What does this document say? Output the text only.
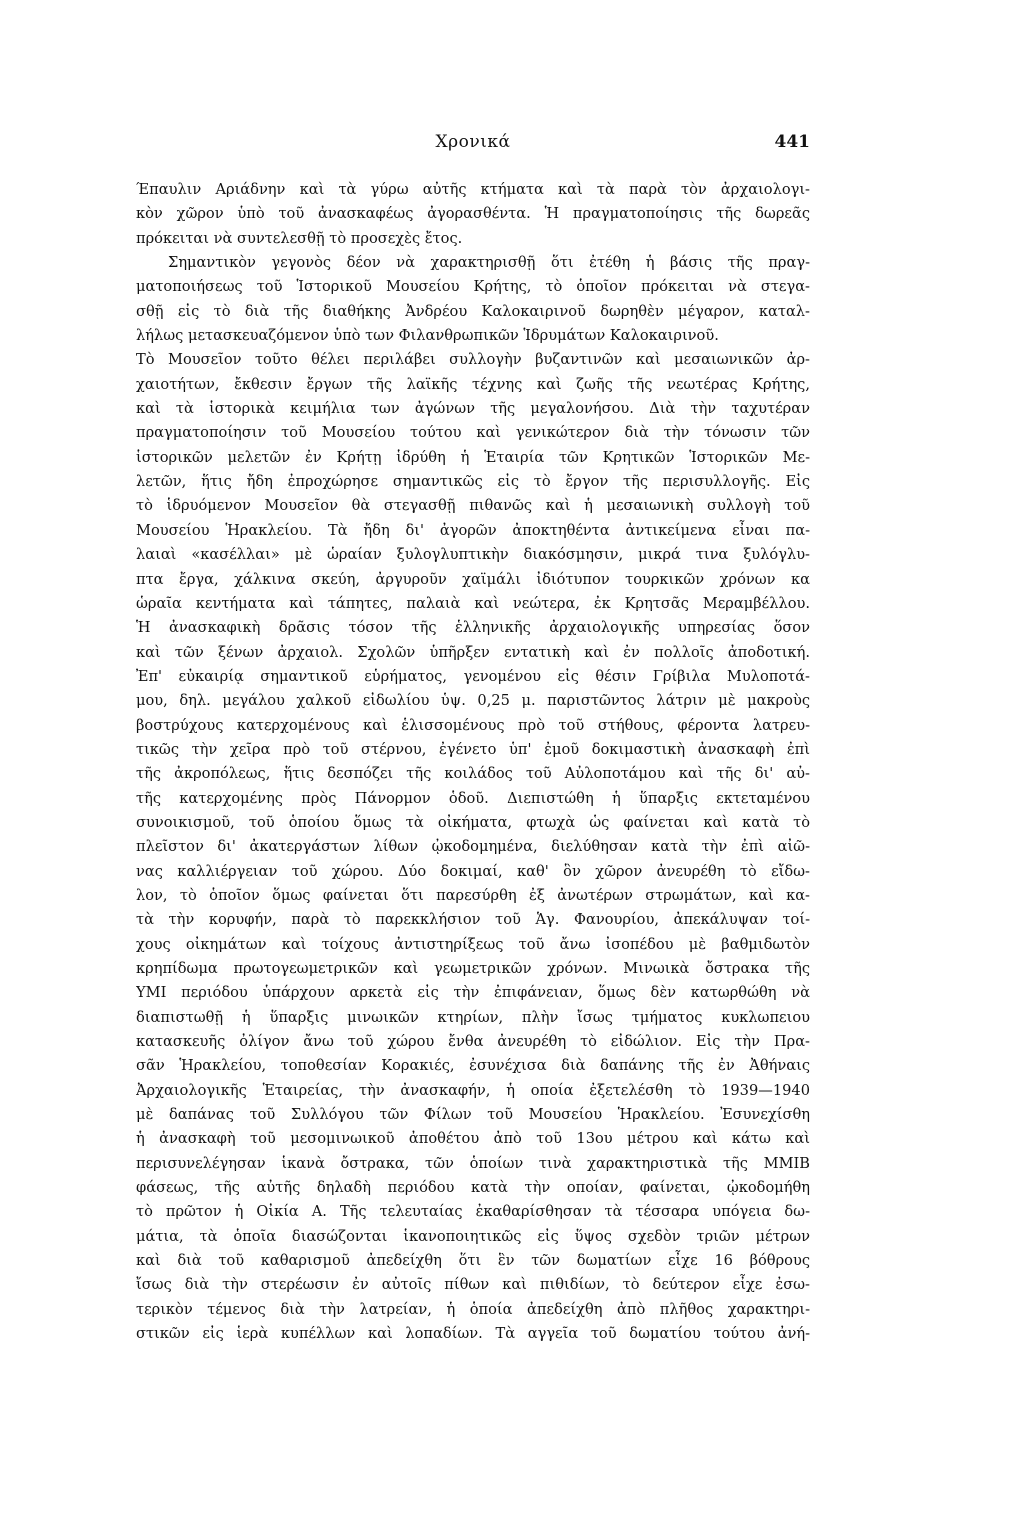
Χρονικά	441
Έπαυλιν Αριάδνην καὶ τὰ γύρω αὐτῆς κτήματα καὶ τὰ παρὰ τὸν ἀρχαιολογι-
κὸν χῶρον ὑπὸ τοῦ ἀνασκαφέως ἀγορασθέντα. Ἡ πραγματοποίησις τῆς δωρεᾶς
πρόκειται νὰ συντελεσθῇ τὸ προσεχὲς ἔτος.
Σημαντικὸν γεγονὸς δέον νὰ χαρακτηρισθῇ ὅτι ἐτέθη ἡ βάσις τῆς πραγ-
ματοποιήσεως τοῦ Ἱστορικοῦ Μουσείου Κρήτης, τὸ ὁποῖον πρόκειται νὰ στεγα-
σθῇ εἰς τὸ διὰ τῆς διαθήκης Ἀνδρέου Καλοκαιρινοῦ δωρηθὲν μέγαρον, καταλ-
λήλως μετασκευαζόμενον ὑπὸ των Φιλανθρωπικῶν Ἱδρυμάτων Καλοκαιρινοῦ.
Τὸ Μουσεῖον τοῦτο θέλει περιλάβει συλλογὴν βυζαντινῶν καὶ μεσαιωνικῶν ἀρ-
χαιοτήτων, ἔκθεσιν ἔργων τῆς λαϊκῆς τέχνης καὶ ζωῆς τῆς νεωτέρας Κρήτης,
καὶ τὰ ἱστορικὰ κειμήλια των ἀγώνων τῆς μεγαλονήσου. Διὰ τὴν ταχυτέραν
πραγματοποίησιν τοῦ Μουσείου τούτου καὶ γενικώτερον διὰ τὴν τόνωσιν τῶν
ἱστορικῶν μελετῶν ἐν Κρήτῃ ἱδρύθη ἡ Ἑταιρία τῶν Κρητικῶν Ἱστορικῶν Με-
λετῶν, ἥτις ἤδη ἐπροχώρησε σημαντικῶς εἰς τὸ ἔργον τῆς περισυλλογῆς. Εἰς
τὸ ἱδρυόμενον Μουσεῖον θὰ στεγασθῇ πιθανῶς καὶ ἡ μεσαιωνικὴ συλλογὴ τοῦ
Μουσείου Ἡρακλείου. Τὰ ἤδη δι' ἀγορῶν ἀποκτηθέντα ἀντικείμενα εἶναι πα-
λαιαὶ «κασέλλαι» μὲ ὡραίαν ξυλογλυπτικὴν διακόσμησιν, μικρά τινα ξυλόγλυ-
πτα ἔργα, χάλκινα σκεύη, ἀργυροῦν χαϊμάλι ἰδιότυπον τουρκικῶν χρόνων κα
ὡραῖα κεντήματα καὶ τάπητες, παλαιὰ καὶ νεώτερα, ἐκ Κρητσᾶς Μεραμβέλλου.
Ἡ ἀνασκαφικὴ δρᾶσις τόσον τῆς ἑλληνικῆς ἀρχαιολογικῆς υπηρεσίας ὅσον
καὶ τῶν ξένων ἀρχαιολ. Σχολῶν ὑπῆρξεν εντατικὴ καὶ ἐν πολλοῖς ἀποδοτική.
Ἐπ' εὐκαιρίᾳ σημαντικοῦ εὑρήματος, γενομένου εἰς θέσιν Γρίβιλα Μυλοποτά-
μου, δηλ. μεγάλου χαλκοῦ εἰδωλίου ὑψ. 0,25 μ. παριστῶντος λάτριν μὲ μακροὺς
βοστρύχους κατερχομένους καὶ ἑλισσομένους πρὸ τοῦ στήθους, φέροντα λατρευ-
τικῶς τὴν χεῖρα πρὸ τοῦ στέρνου, ἐγένετο ὑπ' ἐμοῦ δοκιμαστικὴ ἀνασκαφὴ ἐπὶ
τῆς ἀκροπόλεως, ἥτις δεσπόζει τῆς κοιλάδος τοῦ Αὐλοποτάμου καὶ τῆς δι' αὐ-
τῆς κατερχομένης πρὸς Πάνορμον ὁδοῦ. Διεπιστώθη ἡ ὕπαρξις εκτεταμένου
συνοικισμοῦ, τοῦ ὁποίου ὅμως τὰ οἰκήματα, φτωχὰ ὡς φαίνεται καὶ κατὰ τὸ
πλεῖστον δι' ἀκατεργάστων λίθων ᾠκοδομημένα, διελύθησαν κατὰ τὴν ἐπὶ αἰῶ-
νας καλλιέργειαν τοῦ χώρου. Δύο δοκιμαί, καθ' ὃν χῶρον ἀνευρέθη τὸ εἴδω-
λον, τὸ ὁποῖον ὅμως φαίνεται ὅτι παρεσύρθη ἐξ ἀνωτέρων στρωμάτων, καὶ κα-
τὰ τὴν κορυφήν, παρὰ τὸ παρεκκλήσιον τοῦ Ἁγ. Φανουρίου, ἀπεκάλυψαν τοί-
χους οἰκημάτων καὶ τοίχους ἀντιστηρίξεως τοῦ ἄνω ἰσοπέδου μὲ βαθμιδωτὸν
κρηπίδωμα πρωτογεωμετρικῶν καὶ γεωμετρικῶν χρόνων. Μινωικὰ ὄστρακα τῆς
ΥΜΙ περιόδου ὑπάρχουν αρκετὰ εἰς τὴν ἐπιφάνειαν, ὅμως δὲν κατωρθώθη νὰ
διαπιστωθῇ ἡ ὕπαρξις μινωικῶν κτηρίων, πλὴν ἴσως τμήματος κυκλωπειου
κατασκευῆς ὀλίγον ἄνω τοῦ χώρου ἔνθα ἀνευρέθη τὸ εἰδώλιον. Εἰς τὴν Πρα-
σᾶν Ἡρακλείου, τοποθεσίαν Κορακιές, ἐσυνέχισα διὰ δαπάνης τῆς ἐν Ἀθήναις
Ἀρχαιολογικῆς Ἑταιρείας, τὴν ἀνασκαφήν, ἡ οποία ἐξετελέσθη τὸ 1939—1940
μὲ δαπάνας τοῦ Συλλόγου τῶν Φίλων τοῦ Μουσείου Ἡρακλείου. Ἐσυνεχίσθη
ἡ ἀνασκαφὴ τοῦ μεσομινωικοῦ ἀποθέτου ἀπὸ τοῦ 13ου μέτρου καὶ κάτω καὶ
περισυνελέγησαν ἱκανὰ ὄστρακα, τῶν ὁποίων τινὰ χαρακτηριστικὰ τῆς ΜΜΙΒ
φάσεως, τῆς αὐτῆς δηλαδὴ περιόδου κατὰ τὴν οποίαν, φαίνεται, ᾠκοδομήθη
τὸ πρῶτον ἡ Οἰκία Α. Τῆς τελευταίας ἐκαθαρίσθησαν τὰ τέσσαρα υπόγεια δω-
μάτια, τὰ ὁποῖα διασώζονται ἱκανοποιητικῶς εἰς ὕψος σχεδὸν τριῶν μέτρων
καὶ διὰ τοῦ καθαρισμοῦ ἀπεδείχθη ὅτι ἓν τῶν δωματίων εἶχε 16 βόθρους
ἴσως διὰ τὴν στερέωσιν ἐν αὐτοῖς πίθων καὶ πιθιδίων, τὸ δεύτερον εἶχε ἐσω-
τερικὸν τέμενος διὰ τὴν λατρείαν, ἡ ὁποία ἀπεδείχθη ἀπὸ πλῆθος χαρακτηρι-
στικῶν εἰς ἱερὰ κυπέλλων καὶ λοπαδίων. Τὰ αγγεῖα τοῦ δωματίου τούτου ἀνή-
